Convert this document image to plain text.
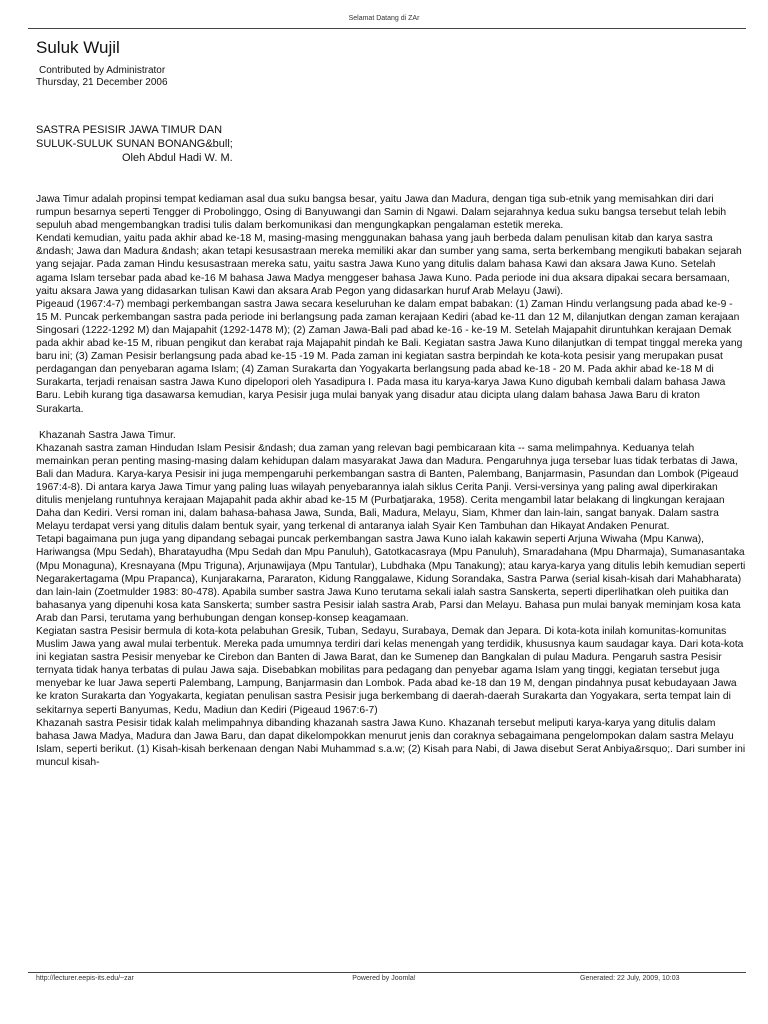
Selamat Datang di ZAr
Suluk Wujil
Contributed by Administrator
Thursday, 21 December 2006
SASTRA PESISIR JAWA TIMUR DAN
SULUK-SULUK SUNAN BONANG&bull;
Oleh Abdul Hadi W. M.

Jawa Timur adalah propinsi tempat kediaman asal dua suku bangsa besar, yaitu Jawa dan Madura, dengan tiga sub-etnik yang memisahkan diri dari rumpun besarnya seperti Tengger di Probolinggo, Osing di Banyuwangi dan Samin di Ngawi. Dalam sejarahnya kedua suku bangsa tersebut telah lebih sepuluh abad mengembangkan tradisi tulis dalam berkomunikasi dan mengungkapkan pengalaman estetik mereka.

Kendati kemudian, yaitu pada akhir abad ke-18 M, masing-masing menggunakan bahasa yang jauh berbeda dalam penulisan kitab dan karya sastra &ndash; Jawa dan Madura &ndash; akan tetapi kesusastraan mereka memiliki akar dan sumber yang sama, serta berkembang mengikuti babakan sejarah yang sejajar. Pada zaman Hindu kesusastraan mereka satu, yaitu sastra Jawa Kuno yang ditulis dalam bahasa Kawi dan aksara Jawa Kuno. Setelah agama Islam tersebar pada abad ke-16 M bahasa Jawa Madya menggeser bahasa Jawa Kuno. Pada periode ini dua aksara dipakai secara bersamaan, yaitu aksara Jawa yang didasarkan tulisan Kawi dan aksara Arab Pegon yang didasarkan huruf Arab Melayu (Jawi).

Pigeaud (1967:4-7) membagi perkembangan sastra Jawa secara keseluruhan ke dalam empat babakan: (1) Zaman Hindu verlangsung pada abad ke-9 - 15 M. Puncak perkembangan sastra pada periode ini berlangsung pada zaman kerajaan Kediri (abad ke-11 dan 12 M, dilanjutkan dengan zaman kerajaan Singosari (1222-1292 M) dan Majapahit (1292-1478 M); (2) Zaman Jawa-Bali pad abad ke-16 - ke-19 M. Setelah Majapahit diruntuhkan kerajaan Demak pada akhir abad ke-15 M, ribuan pengikut dan kerabat raja Majapahit pindah ke Bali. Kegiatan sastra Jawa Kuno dilanjutkan di tempat tinggal mereka yang baru ini; (3) Zaman Pesisir berlangsung pada abad ke-15 -19 M. Pada zaman ini kegiatan sastra berpindah ke kota-kota pesisir yang merupakan pusat perdagangan dan penyebaran agama Islam; (4) Zaman Surakarta dan Yogyakarta berlangsung pada abad ke-18 - 20 M. Pada akhir abad ke-18 M di Surakarta, terjadi renaisan sastra Jawa Kuno dipelopori oleh Yasadipura I. Pada masa itu karya-karya Jawa Kuno digubah kembali dalam bahasa Jawa Baru. Lebih kurang tiga dasawarsa kemudian, karya Pesisir juga mulai banyak yang disadur atau dicipta ulang dalam bahasa Jawa Baru di kraton Surakarta.

Khazanah Sastra Jawa Timur.

Khazanah sastra zaman Hindudan Islam Pesisir &ndash; dua zaman yang relevan bagi pembicaraan kita -- sama melimpahnya. Keduanya telah memainkan peran penting masing-masing dalam kehidupan dalam masyarakat Jawa dan Madura. Pengaruhnya juga tersebar luas tidak terbatas di Jawa, Bali dan Madura. Karya-karya Pesisir ini juga mempengaruhi perkembangan sastra di Banten, Palembang, Banjarmasin, Pasundan dan Lombok (Pigeaud 1967:4-8). Di antara karya Jawa Timur yang paling luas wilayah penyebarannya ialah siklus Cerita Panji. Versi-versinya yang paling awal diperkirakan ditulis menjelang runtuhnya kerajaan Majapahit pada akhir abad ke-15 M (Purbatjaraka, 1958). Cerita mengambil latar belakang di lingkungan kerajaan Daha dan Kediri. Versi roman ini, dalam bahasa-bahasa Jawa, Sunda, Bali, Madura, Melayu, Siam, Khmer dan lain-lain, sangat banyak. Dalam sastra Melayu terdapat versi yang ditulis dalam bentuk syair, yang terkenal di antaranya ialah Syair Ken Tambuhan dan Hikayat Andaken Penurat.

Tetapi bagaimana pun juga yang dipandang sebagai puncak perkembangan sastra Jawa Kuno ialah kakawin seperti Arjuna Wiwaha (Mpu Kanwa), Hariwangsa (Mpu Sedah), Bharatayudha (Mpu Sedah dan Mpu Panuluh), Gatotkacasraya (Mpu Panuluh), Smaradahana (Mpu Dharmaja), Sumanasantaka (Mpu Monaguna), Kresnayana (Mpu Triguna), Arjunawijaya (Mpu Tantular), Lubdhaka (Mpu Tanakung); atau karya-karya yang ditulis lebih kemudian seperti Negarakertagama (Mpu Prapanca), Kunjarakarna, Pararaton, Kidung Ranggalawe, Kidung Sorandaka, Sastra Parwa (serial kisah-kisah dari Mahabharata) dan lain-lain (Zoetmulder 1983: 80-478). Apabila sumber sastra Jawa Kuno terutama sekali ialah sastra Sanskerta, seperti diperlihatkan oleh puitika dan bahasanya yang dipenuhi kosa kata Sanskerta; sumber sastra Pesisir ialah sastra Arab, Parsi dan Melayu. Bahasa pun mulai banyak meminjam kosa kata Arab dan Parsi, terutama yang berhubungan dengan konsep-konsep keagamaan.

Kegiatan sastra Pesisir bermula di kota-kota pelabuhan Gresik, Tuban, Sedayu, Surabaya, Demak dan Jepara. Di kota-kota inilah komunitas-komunitas Muslim Jawa yang awal mulai terbentuk. Mereka pada umumnya terdiri dari kelas menengah yang terdidik, khususnya kaum saudagar kaya. Dari kota-kota ini kegiatan sastra Pesisir menyebar ke Cirebon dan Banten di Jawa Barat, dan ke Sumenep dan Bangkalan di pulau Madura. Pengaruh sastra Pesisir ternyata tidak hanya terbatas di pulau Jawa saja. Disebabkan mobilitas para pedagang dan penyebar agama Islam yang tinggi, kegiatan tersebut juga menyebar ke luar Jawa seperti Palembang, Lampung, Banjarmasin dan Lombok. Pada abad ke-18 dan 19 M, dengan pindahnya pusat kebudayaan Jawa ke kraton Surakarta dan Yogyakarta, kegiatan penulisan sastra Pesisir juga berkembang di daerah-daerah Surakarta dan Yogyakara, serta tempat lain di sekitarnya seperti Banyumas, Kedu, Madiun dan Kediri (Pigeaud 1967:6-7)

Khazanah sastra Pesisir tidak kalah melimpahnya dibanding khazanah sastra Jawa Kuno. Khazanah tersebut meliputi karya-karya yang ditulis dalam bahasa Jawa Madya, Madura dan Jawa Baru, dan dapat dikelompokkan menurut jenis dan coraknya sebagaimana pengelompokan dalam sastra Melayu Islam, seperti berikut. (1) Kisah-kisah berkenaan dengan Nabi Muhammad s.a.w; (2) Kisah para Nabi, di Jawa disebut Serat Anbiya&rsquo;. Dari sumber ini muncul kisah-

http://lecturer.eepis-its.edu/~zar	Powered by Joomla!	Generated: 22 July, 2009, 10:03
